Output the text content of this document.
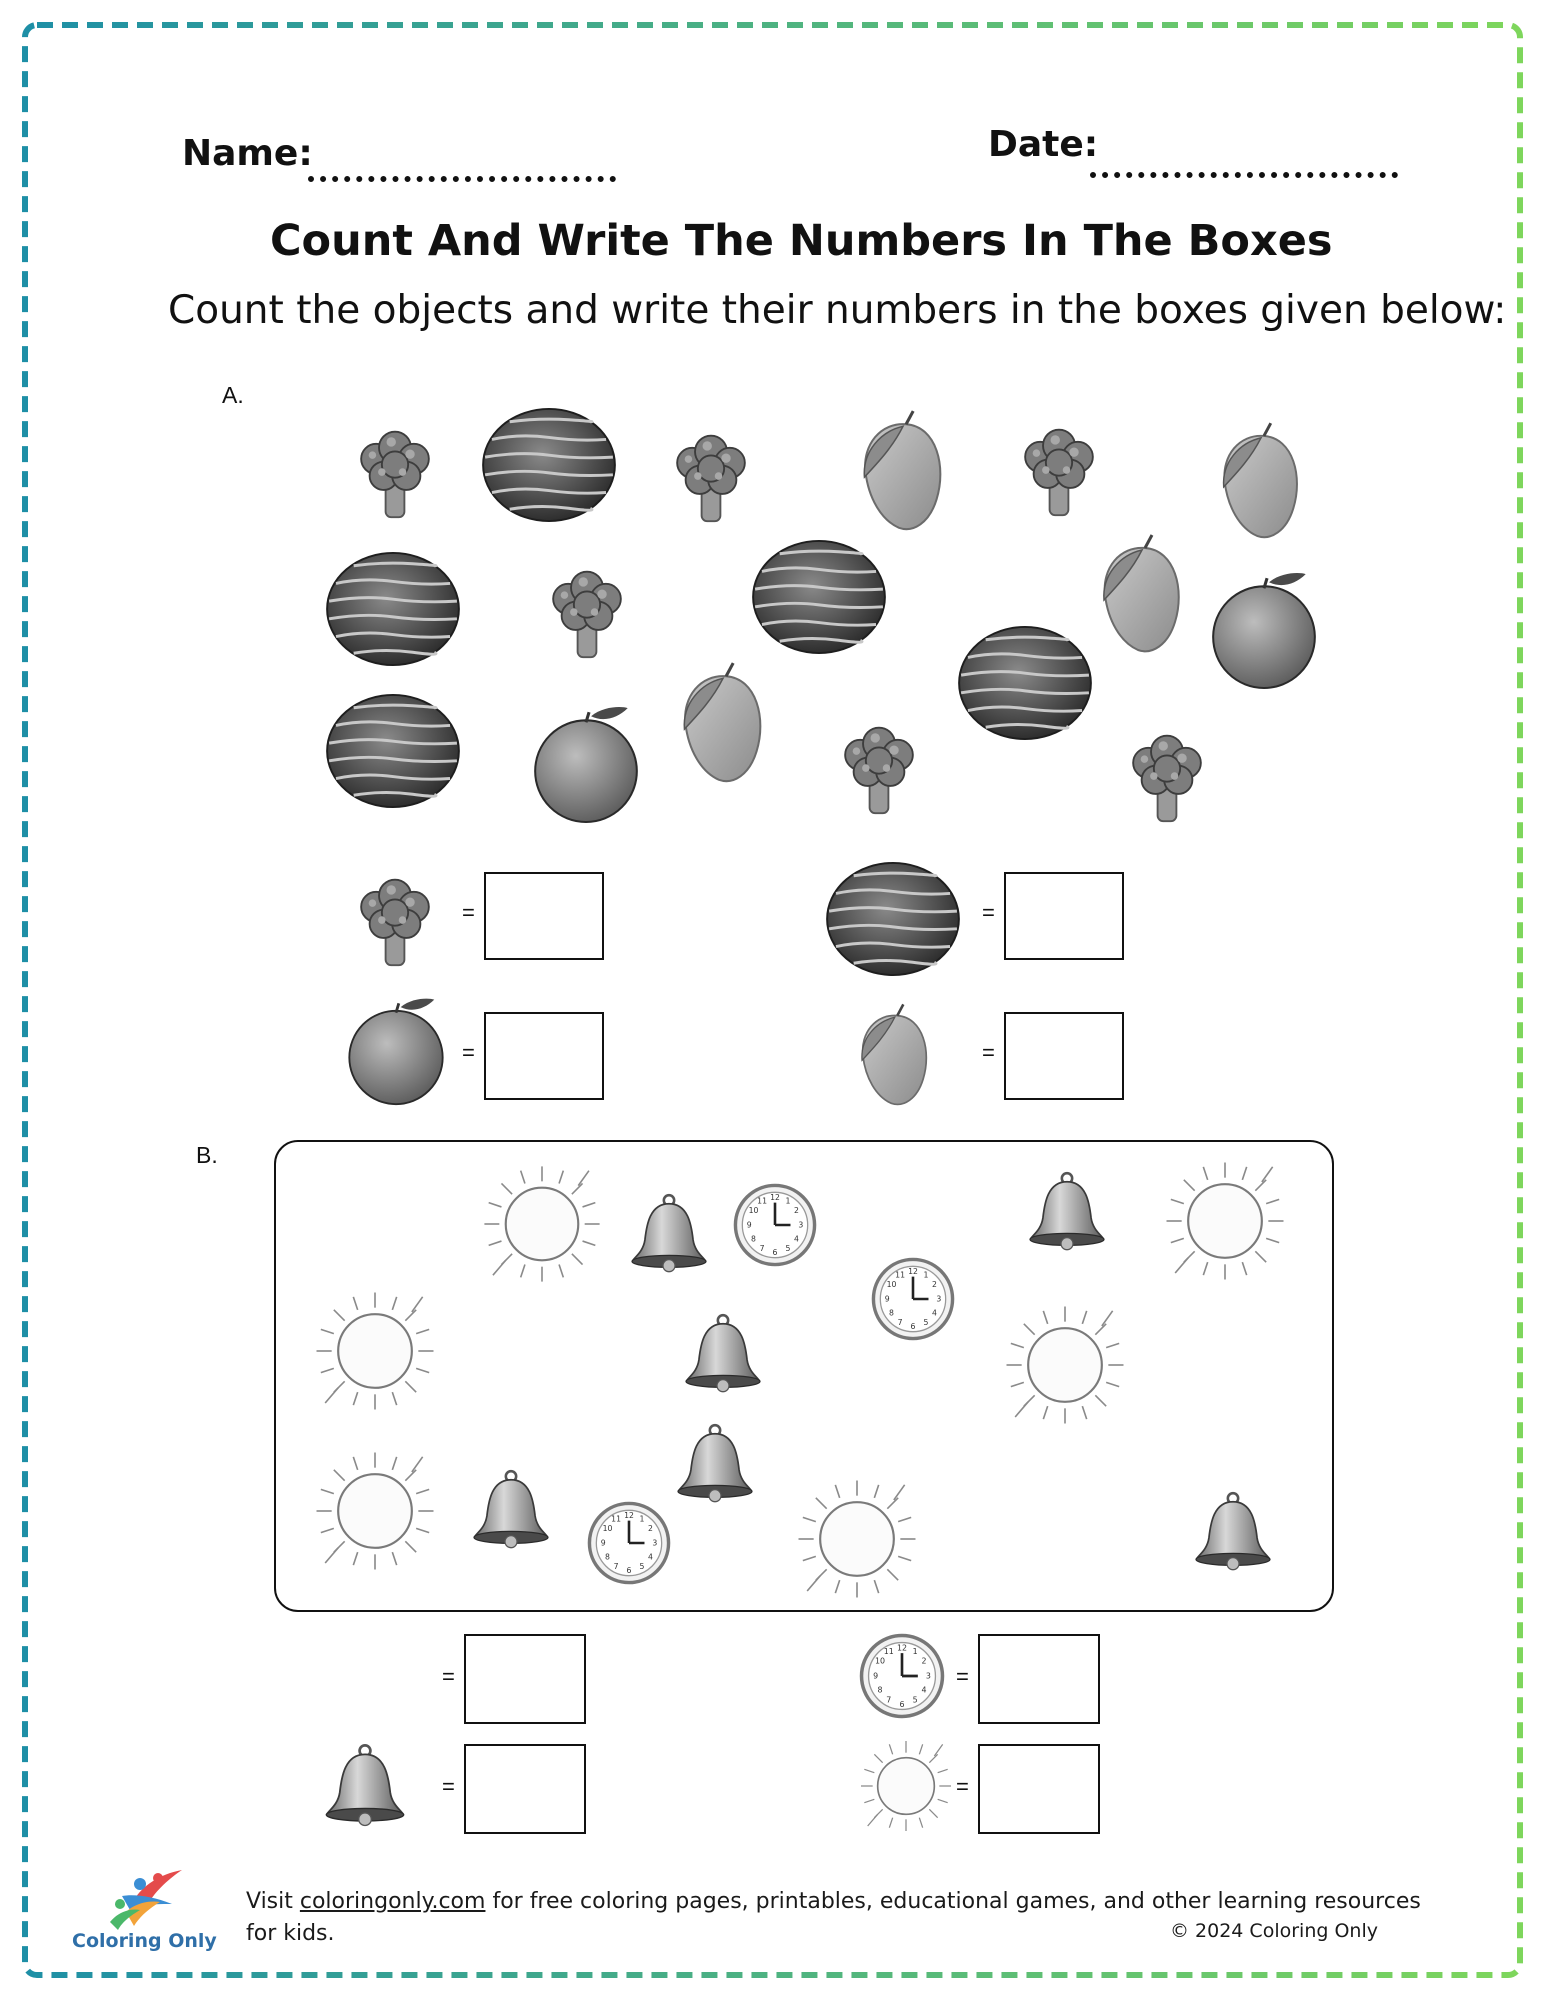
Name:	Date:
Count And Write The Numbers In The Boxes
Count the objects and write their numbers in the boxes given below:
A.
=	=
=	=
B.
=	=
=	=
Coloring Only
Visit coloringonly.com for free coloring pages, printables, educational games, and other learning resources for kids.	© 2024 Coloring Only
